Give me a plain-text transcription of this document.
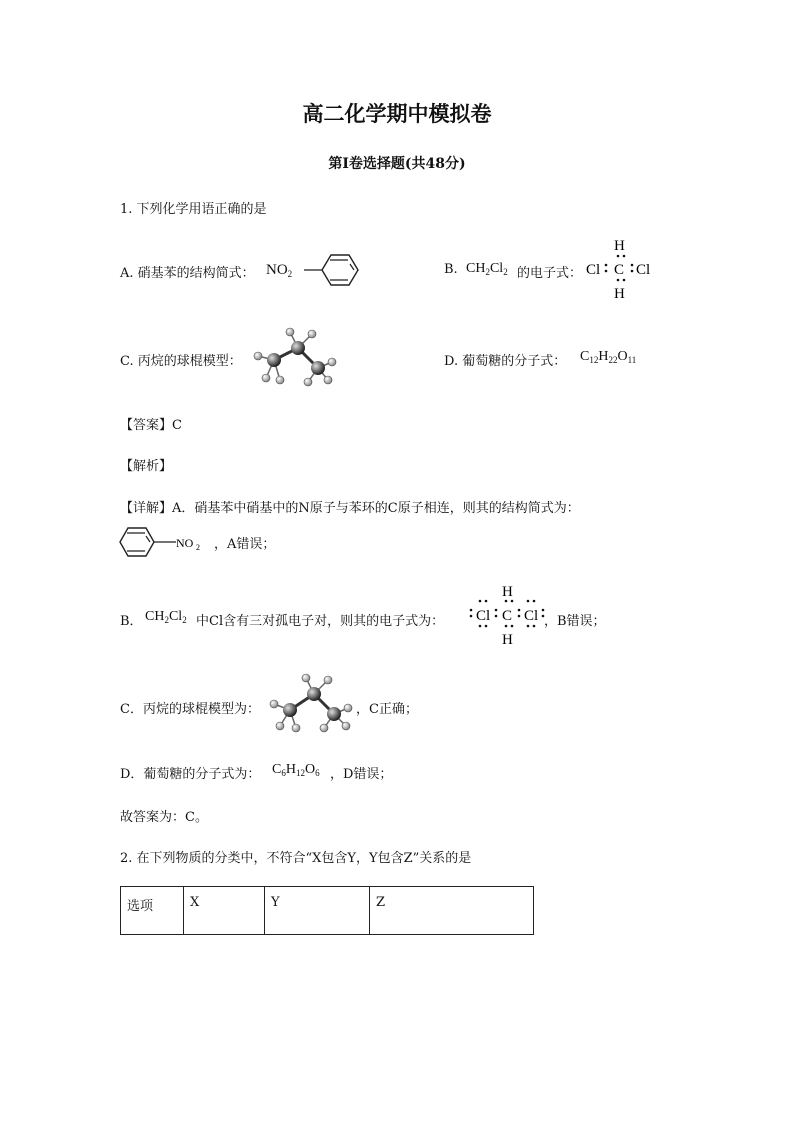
高二化学期中模拟卷
第I卷选择题(共48分)
1. 下列化学用语正确的是
A. 硝基苯的结构简式： $NO_2$	B. $CH_2Cl_2$ 的电子式：
H
Cl C Cl
H
C. 丙烷的球棍模型：	D. 葡萄糖的分子式： $C_{12}H_{22}O_{11}$
【答案】C
【解析】
【详解】A．硝基苯中硝基中的N原子与苯环的C原子相连，则其的结构简式为：
NO 2 ，A错误；
B． $CH_2Cl_2$ 中Cl含有三对孤电子对，则其的电子式为：
H
Cl C Cl
H
，B错误；
C．丙烷的球棍模型为：	，C正确；
D．葡萄糖的分子式为： $C_6H_{12}O_6$ ，D错误；
故答案为：C。
2. 在下列物质的分类中，不符合“X包含Y，Y包含Z”关系的是
选项	X	Y	Z
